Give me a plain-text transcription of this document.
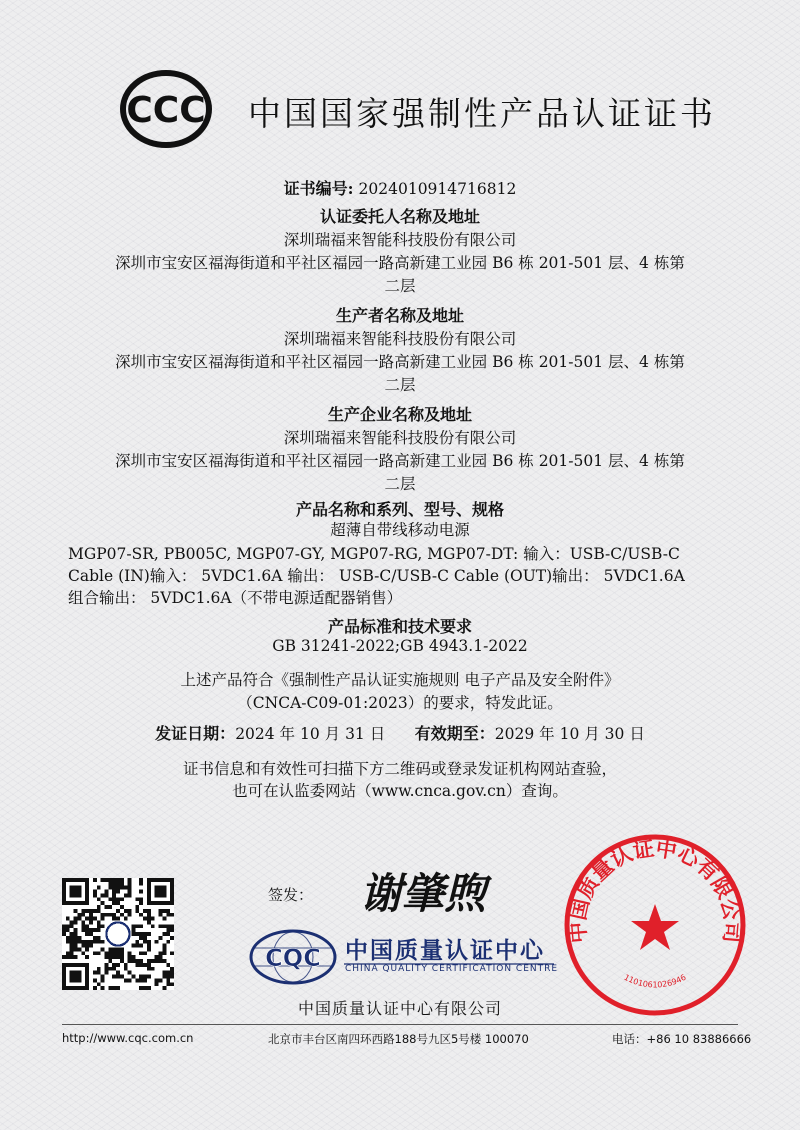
CCC 中国国家强制性产品认证证书
证书编号: 2024010914716812
认证委托人名称及地址
深圳瑞福来智能科技股份有限公司
深圳市宝安区福海街道和平社区福园一路高新建工业园 B6 栋 201-501 层、4 栋第
二层
生产者名称及地址
深圳瑞福来智能科技股份有限公司
深圳市宝安区福海街道和平社区福园一路高新建工业园 B6 栋 201-501 层、4 栋第
二层
生产企业名称及地址
深圳瑞福来智能科技股份有限公司
深圳市宝安区福海街道和平社区福园一路高新建工业园 B6 栋 201-501 层、4 栋第
二层
产品名称和系列、型号、规格
超薄自带线移动电源
MGP07-SR, PB005C, MGP07-GY, MGP07-RG, MGP07-DT: 输入：USB-C/USB-C
Cable (IN)输入： 5VDC1.6A 输出： USB-C/USB-C Cable (OUT)输出： 5VDC1.6A
组合输出： 5VDC1.6A（不带电源适配器销售）
产品标准和技术要求
GB 31241-2022;GB 4943.1-2022
上述产品符合《强制性产品认证实施规则 电子产品及安全附件》
（CNCA-C09-01:2023）的要求，特发此证。
发证日期：2024 年 10 月 31 日 有效期至：2029 年 10 月 30 日
证书信息和有效性可扫描下方二维码或登录发证机构网站查验，
也可在认监委网站（www.cnca.gov.cn）查询。
签发： 谢肇煦
CQC 中国质量认证中心
CHINA QUALITY CERTIFICATION CENTRE
中国质量认证中心有限公司
中国质量认证中心有限公司
1101061026946
http://www.cqc.com.cn	北京市丰台区南四环西路188号九区5号楼 100070	电话：+86 10 83886666
